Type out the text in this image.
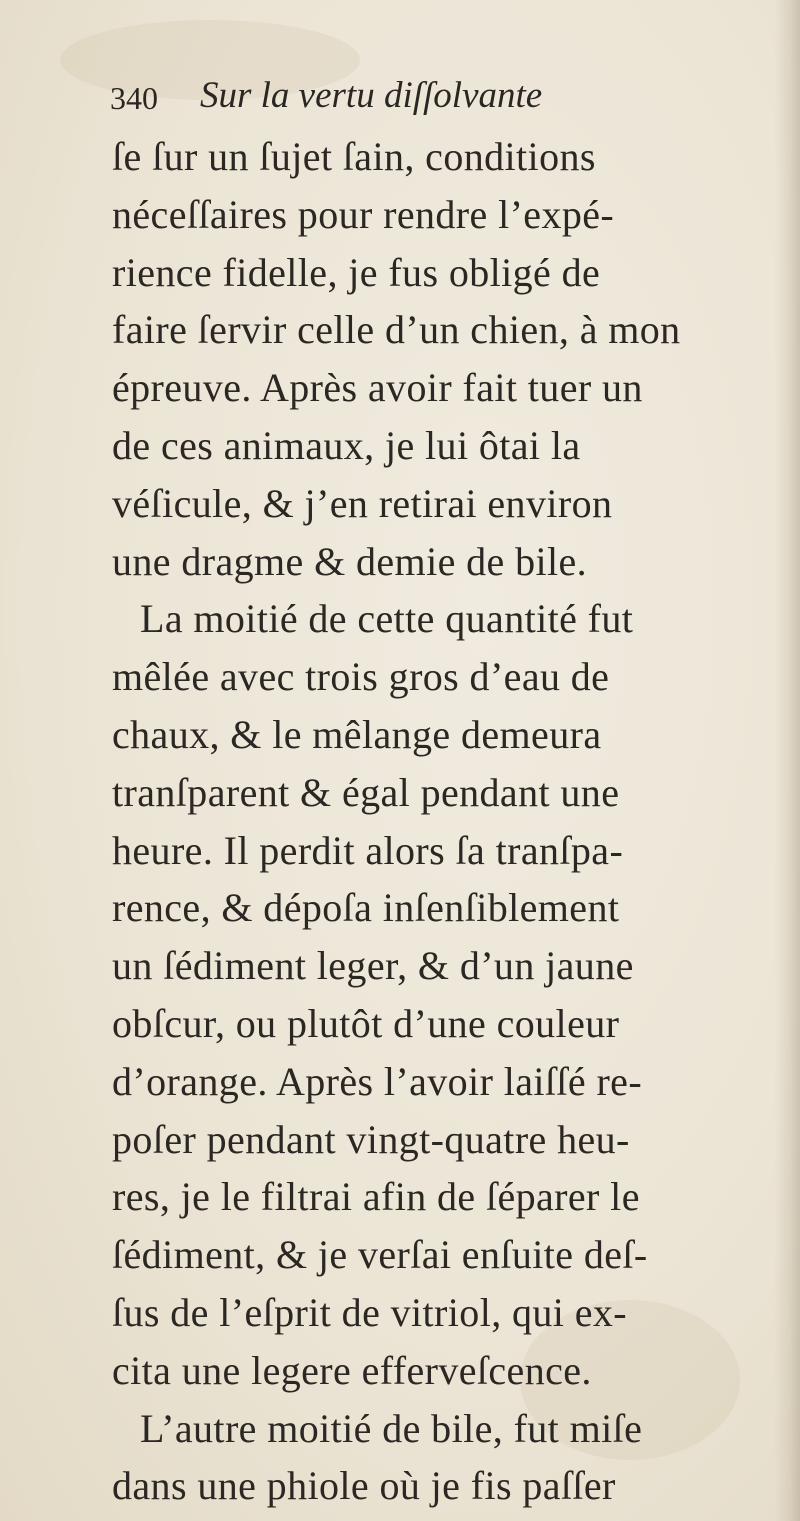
340 Sur la vertu diſſolvante
ſe ſur un ſujet ſain, conditions
néceſſaires pour rendre l’expé-
rience fidelle, je fus obligé de
faire ſervir celle d’un chien, à mon
épreuve. Après avoir fait tuer un
de ces animaux, je lui ôtai la
véſicule, & j’en retirai environ
une dragme & demie de bile.
La moitié de cette quantité fut
mêlée avec trois gros d’eau de
chaux, & le mêlange demeura
tranſparent & égal pendant une
heure. Il perdit alors ſa tranſpa-
rence, & dépoſa inſenſiblement
un ſédiment leger, & d’un jaune
obſcur, ou plutôt d’une couleur
d’orange. Après l’avoir laiſſé re-
poſer pendant vingt-quatre heu-
res, je le filtrai afin de ſéparer le
ſédiment, & je verſai enſuite deſ-
ſus de l’eſprit de vitriol, qui ex-
cita une legere efferveſcence.
L’autre moitié de bile, fut miſe
dans une phiole où je fis paſſer
